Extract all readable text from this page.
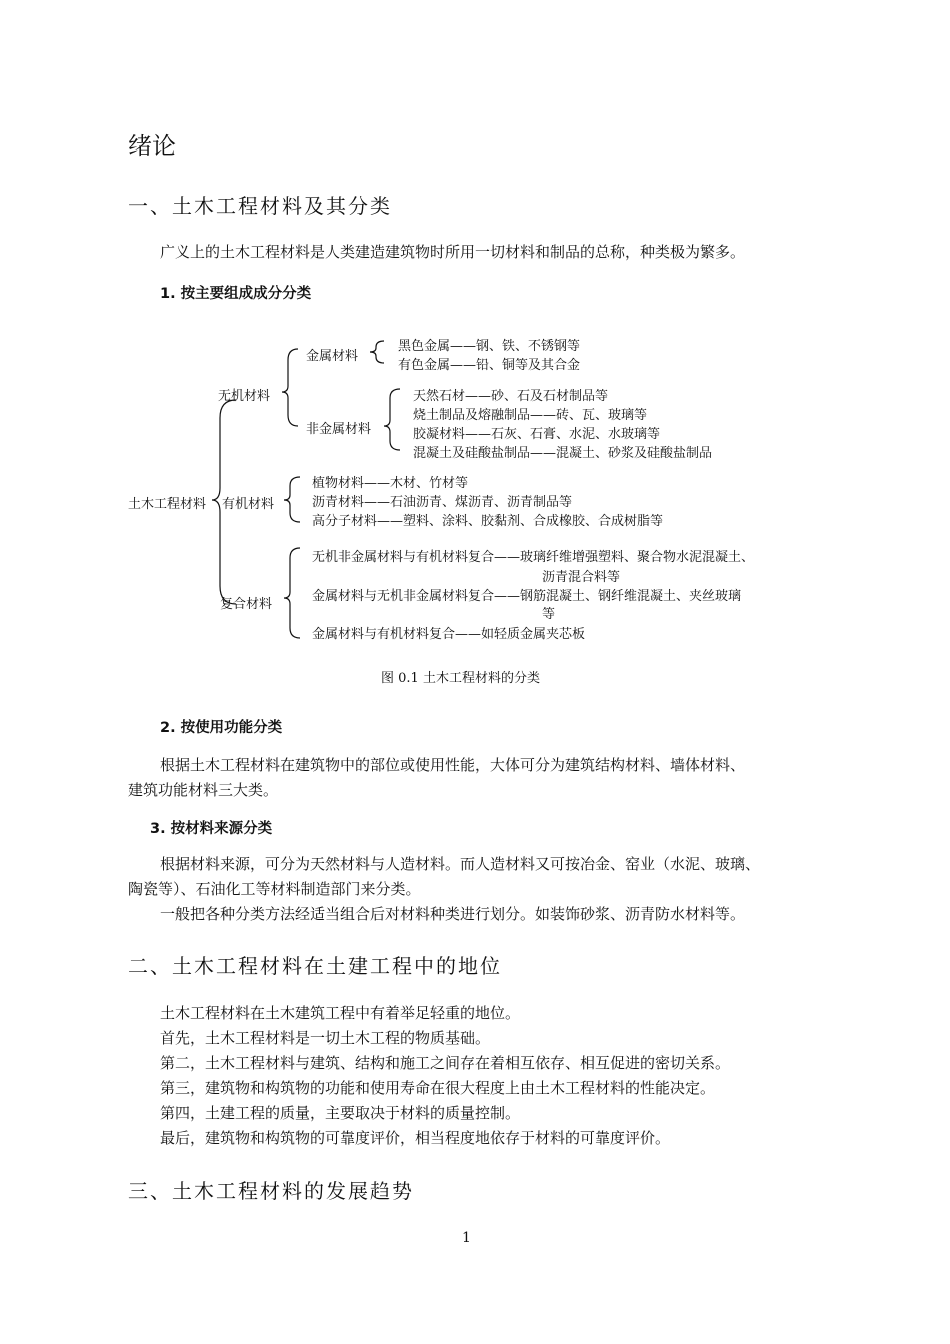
绪论
一、土木工程材料及其分类
广义上的土木工程材料是人类建造建筑物时所用一切材料和制品的总称，种类极为繁多。
1. 按主要组成成分分类
土木工程材料
无机材料
金属材料
黑色金属——钢、铁、不锈钢等
有色金属——铅、铜等及其合金
非金属材料
天然石材——砂、石及石材制品等
烧土制品及熔融制品——砖、瓦、玻璃等
胶凝材料——石灰、石膏、水泥、水玻璃等
混凝土及硅酸盐制品——混凝土、砂浆及硅酸盐制品
有机材料
植物材料——木材、竹材等
沥青材料——石油沥青、煤沥青、沥青制品等
高分子材料——塑料、涂料、胶黏剂、合成橡胶、合成树脂等
复合材料
无机非金属材料与有机材料复合——玻璃纤维增强塑料、聚合物水泥混凝土、
沥青混合料等
金属材料与无机非金属材料复合——钢筋混凝土、钢纤维混凝土、夹丝玻璃
等
金属材料与有机材料复合——如轻质金属夹芯板
图 0.1 土木工程材料的分类
2. 按使用功能分类
根据土木工程材料在建筑物中的部位或使用性能，大体可分为建筑结构材料、墙体材料、
建筑功能材料三大类。
3. 按材料来源分类
根据材料来源，可分为天然材料与人造材料。而人造材料又可按冶金、窑业（水泥、玻璃、
陶瓷等）、石油化工等材料制造部门来分类。
一般把各种分类方法经适当组合后对材料种类进行划分。如装饰砂浆、沥青防水材料等。
二、土木工程材料在土建工程中的地位
土木工程材料在土木建筑工程中有着举足轻重的地位。
首先，土木工程材料是一切土木工程的物质基础。
第二，土木工程材料与建筑、结构和施工之间存在着相互依存、相互促进的密切关系。
第三，建筑物和构筑物的功能和使用寿命在很大程度上由土木工程材料的性能决定。
第四，土建工程的质量，主要取决于材料的质量控制。
最后，建筑物和构筑物的可靠度评价，相当程度地依存于材料的可靠度评价。
三、土木工程材料的发展趋势
1
